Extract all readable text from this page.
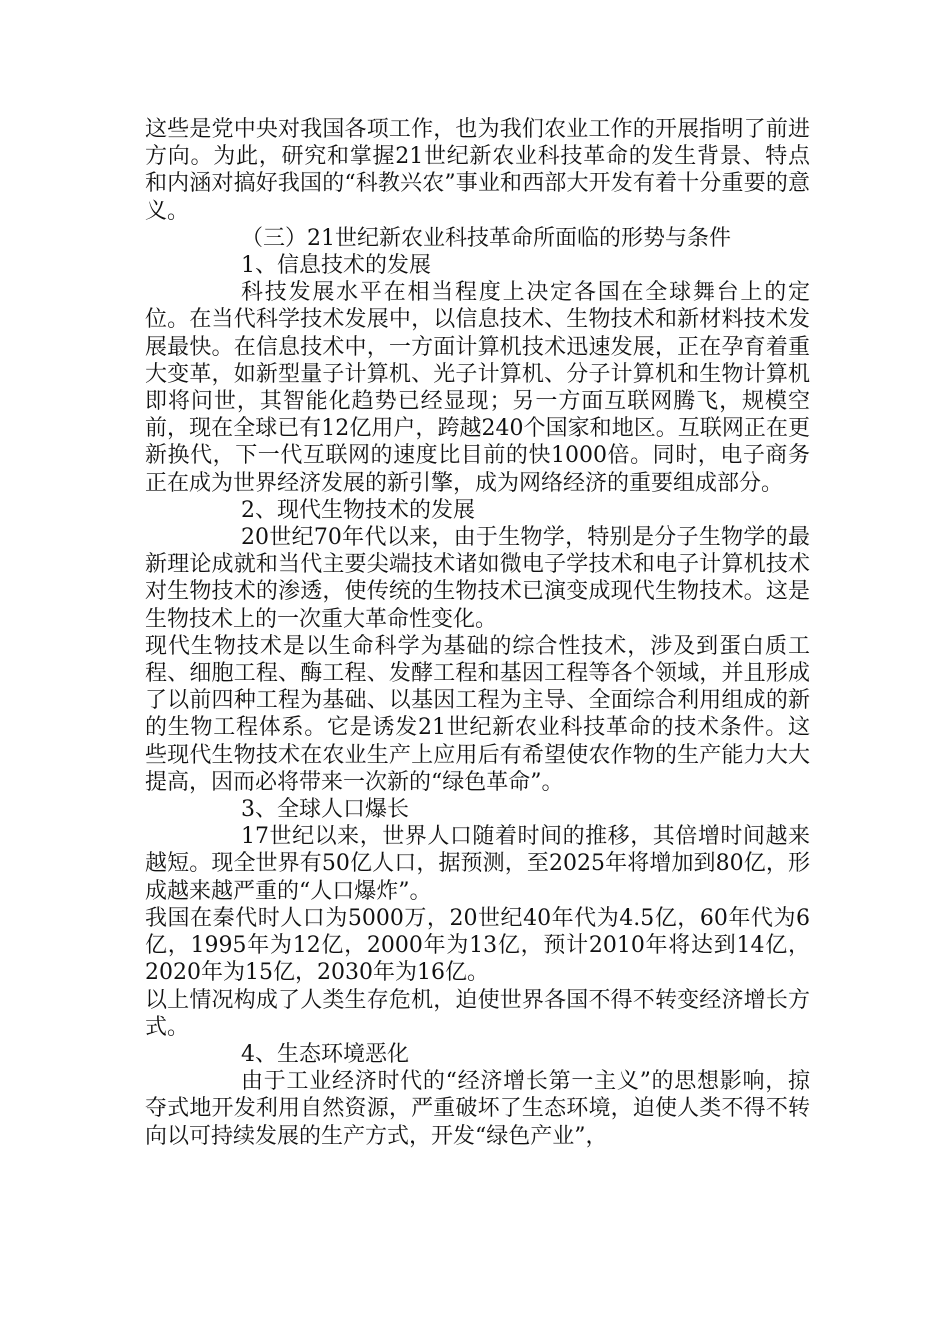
这些是党中央对我国各项工作，也为我们农业工作的开展指明了前进方向。为此，研究和掌握21世纪新农业科技革命的发生背景、特点和内涵对搞好我国的“科教兴农”事业和西部大开发有着十分重要的意义。

（三）21世纪新农业科技革命所面临的形势与条件

1、信息技术的发展

科技发展水平在相当程度上决定各国在全球舞台上的定位。在当代科学技术发展中，以信息技术、生物技术和新材料技术发展最快。在信息技术中，一方面计算机技术迅速发展，正在孕育着重大变革，如新型量子计算机、光子计算机、分子计算机和生物计算机即将问世，其智能化趋势已经显现；另一方面互联网腾飞，规模空前，现在全球已有12亿用户，跨越240个国家和地区。互联网正在更新换代，下一代互联网的速度比目前的快1000倍。同时，电子商务正在成为世界经济发展的新引擎，成为网络经济的重要组成部分。

2、现代生物技术的发展

20世纪70年代以来，由于生物学，特别是分子生物学的最新理论成就和当代主要尖端技术诸如微电子学技术和电子计算机技术对生物技术的渗透，使传统的生物技术已演变成现代生物技术。这是生物技术上的一次重大革命性变化。

现代生物技术是以生命科学为基础的综合性技术，涉及到蛋白质工程、细胞工程、酶工程、发酵工程和基因工程等各个领域，并且形成了以前四种工程为基础、以基因工程为主导、全面综合利用组成的新的生物工程体系。它是诱发21世纪新农业科技革命的技术条件。这些现代生物技术在农业生产上应用后有希望使农作物的生产能力大大提高，因而必将带来一次新的“绿色革命”。

3、全球人口爆长

17世纪以来，世界人口随着时间的推移，其倍增时间越来越短。现全世界有50亿人口，据预测，至2025年将增加到80亿，形成越来越严重的“人口爆炸”。

我国在秦代时人口为5000万，20世纪40年代为4.5亿，60年代为6亿，1995年为12亿，2000年为13亿，预计2010年将达到14亿，2020年为15亿，2030年为16亿。

以上情况构成了人类生存危机，迫使世界各国不得不转变经济增长方式。

4、生态环境恶化

由于工业经济时代的“经济增长第一主义”的思想影响，掠夺式地开发利用自然资源，严重破坏了生态环境，迫使人类不得不转向以可持续发展的生产方式，开发“绿色产业”，
